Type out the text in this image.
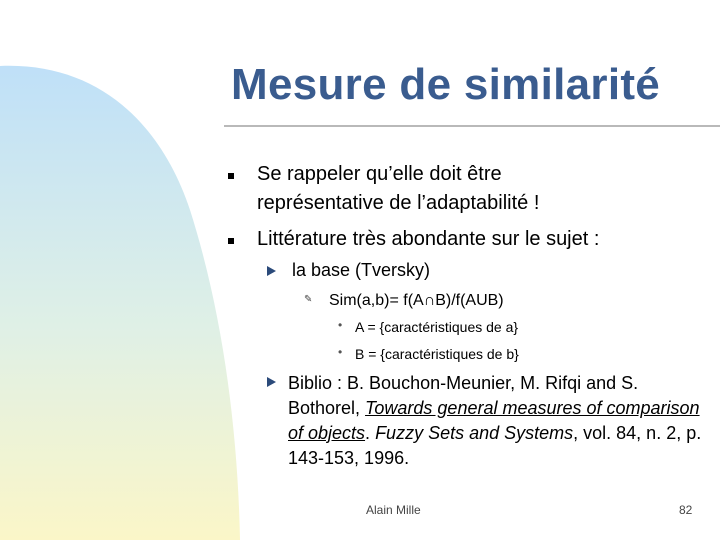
Mesure de similarité
Se rappeler qu’elle doit être
représentative de l’adaptabilité !
Littérature très abondante sur le sujet :
la base (Tversky)
✎ Sim(a,b)= f(A∩B)/f(AUB)
• A = {caractéristiques de a}
• B = {caractéristiques de b}
Biblio : B. Bouchon-Meunier, M. Rifqi and S. Bothorel, Towards general measures of comparison of objects. Fuzzy Sets and Systems, vol. 84, n. 2, p. 143-153, 1996.
Alain Mille	82
